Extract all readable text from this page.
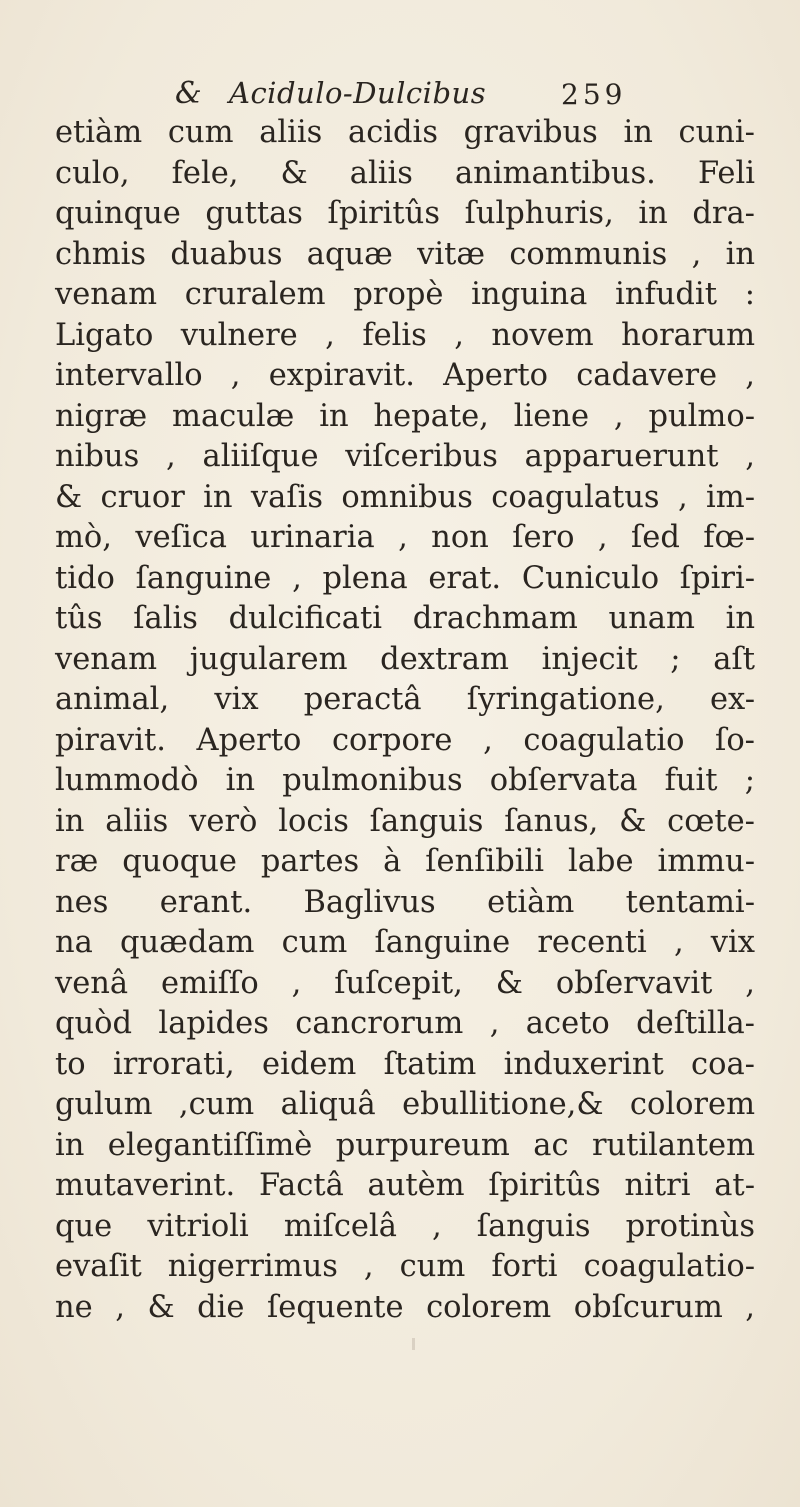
& Acidulo-Dulcibus	259
etiàm cum aliis acidis gravibus in cuni-
culo, fele, & aliis animantibus. Feli
quinque guttas ſpiritûs ſulphuris, in dra-
chmis duabus aquæ vitæ communis , in
venam cruralem propè inguina infudit :
Ligato vulnere , felis , novem horarum
intervallo , expiravit. Aperto cadavere ,
nigræ maculæ in hepate, liene , pulmo-
nibus , aliiſque viſceribus apparuerunt ,
& cruor in vaſis omnibus coagulatus , im-
mò, veſica urinaria , non ſero , ſed fœ-
tido ſanguine , plena erat. Cuniculo ſpiri-
tûs ſalis dulcificati drachmam unam in
venam jugularem dextram injecit ; aſt
animal, vix peractâ ſyringatione, ex-
piravit. Aperto corpore , coagulatio ſo-
lummodò in pulmonibus obſervata fuit ;
in aliis verò locis ſanguis ſanus, & cœte-
ræ quoque partes à ſenſibili labe immu-
nes erant. Baglivus etiàm tentami-
na quædam cum ſanguine recenti , vix
venâ emiſſo , ſuſcepit, & obſervavit ,
quòd lapides cancrorum , aceto deſtilla-
to irrorati, eidem ſtatim induxerint coa-
gulum ,cum aliquâ ebullitione,& colorem
in elegantiſſimè purpureum ac rutilantem
mutaverint. Factâ autèm ſpiritûs nitri at-
que vitrioli miſcelâ , ſanguis protinùs
evaſit nigerrimus , cum forti coagulatio-
ne , & die ſequente colorem obſcurum ,
